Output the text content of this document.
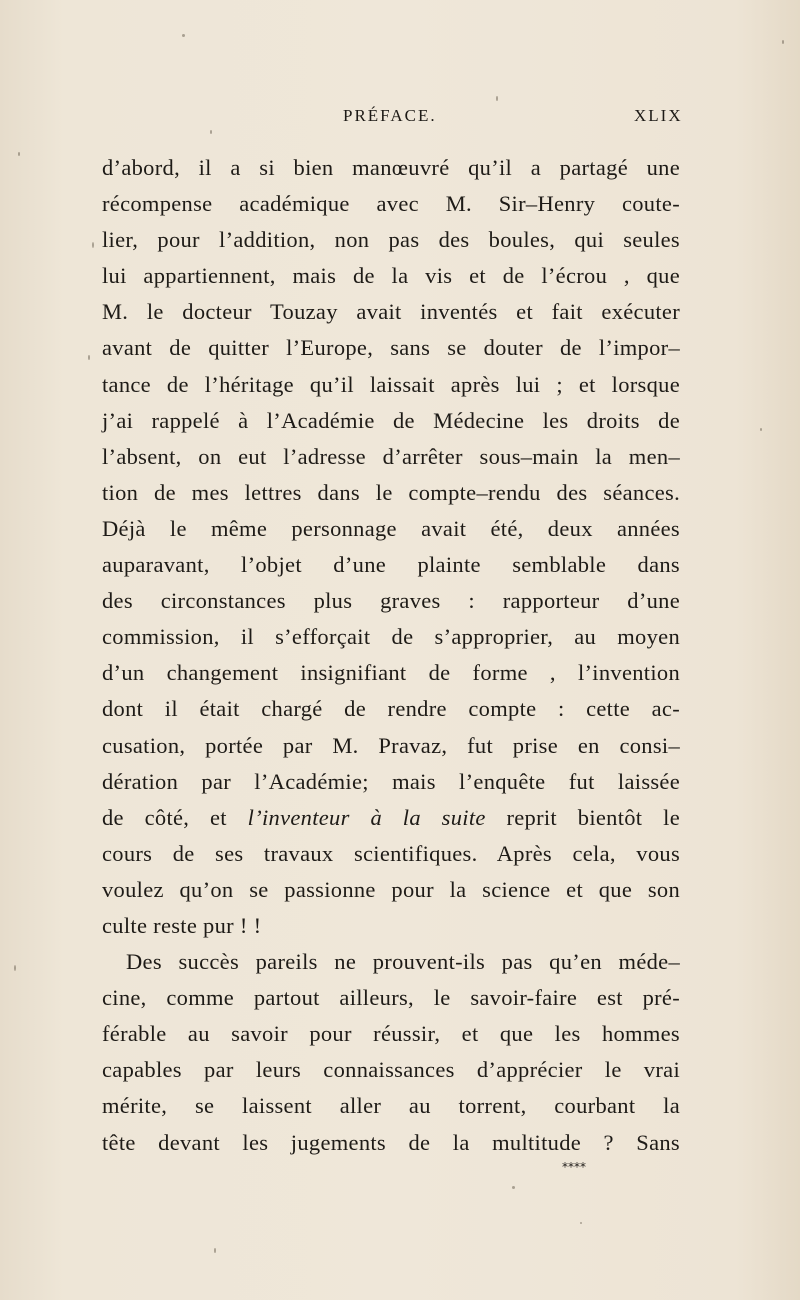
PRÉFACE.	XLIX
d’abord, il a si bien manœuvré qu’il a partagé une
récompense académique avec M. Sir–Henry coute-
lier, pour l’addition, non pas des boules, qui seules
lui appartiennent, mais de la vis et de l’écrou , que
M. le docteur Touzay avait inventés et fait exécuter
avant de quitter l’Europe, sans se douter de l’impor–
tance de l’héritage qu’il laissait après lui ; et lorsque
j’ai rappelé à l’Académie de Médecine les droits de
l’absent, on eut l’adresse d’arrêter sous–main la men–
tion de mes lettres dans le compte–rendu des séances.
Déjà le même personnage avait été, deux années
auparavant, l’objet d’une plainte semblable dans
des circonstances plus graves : rapporteur d’une
commission, il s’efforçait de s’approprier, au moyen
d’un changement insignifiant de forme , l’invention
dont il était chargé de rendre compte : cette ac-
cusation, portée par M. Pravaz, fut prise en consi–
dération par l’Académie; mais l’enquête fut laissée
de côté, et l’inventeur à la suite reprit bientôt le
cours de ses travaux scientifiques. Après cela, vous
voulez qu’on se passionne pour la science et que son
culte reste pur ! !
Des succès pareils ne prouvent-ils pas qu’en méde–
cine, comme partout ailleurs, le savoir-faire est pré-
férable au savoir pour réussir, et que les hommes
capables par leurs connaissances d’apprécier le vrai
mérite, se laissent aller au torrent, courbant la
tête devant les jugements de la multitude ? Sans
****
